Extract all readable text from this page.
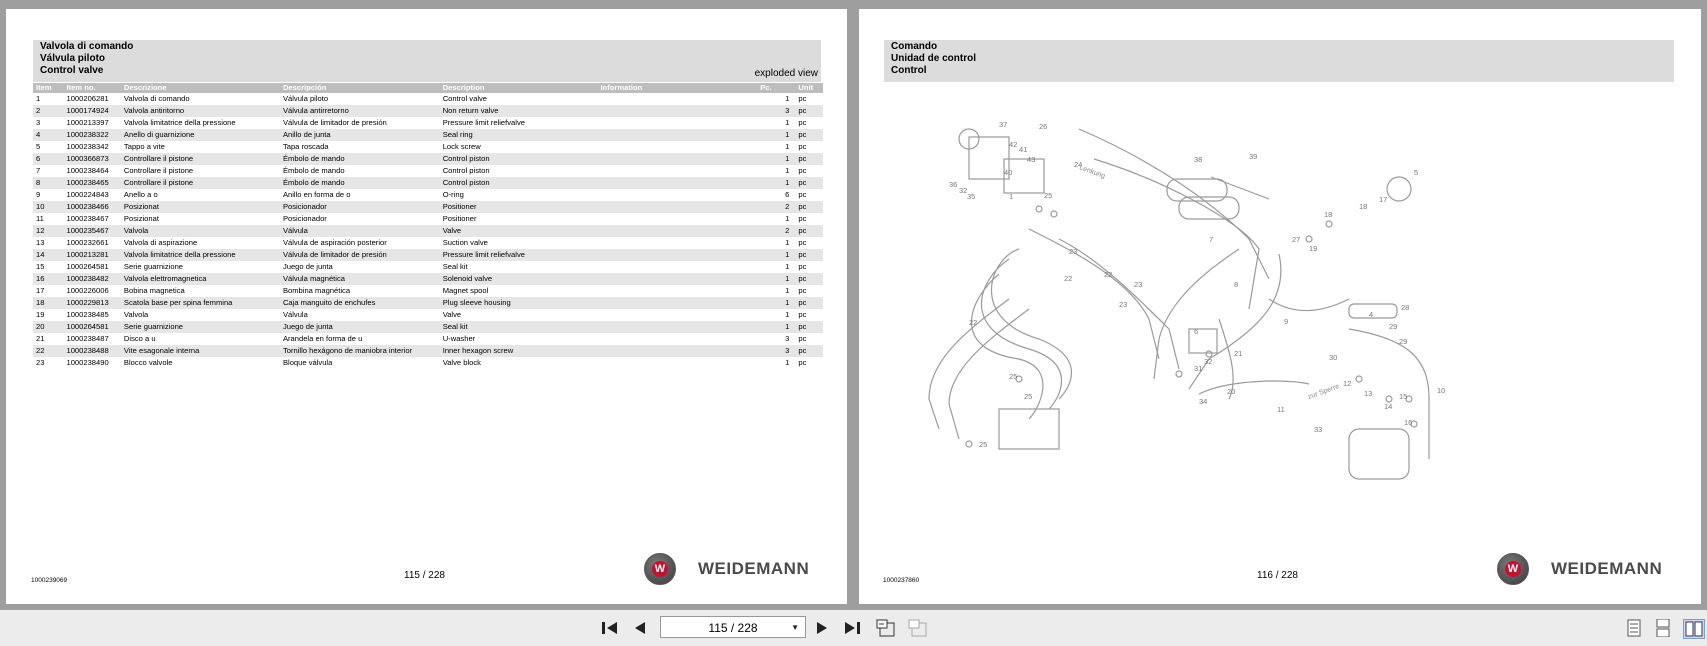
Valvola di comando
Válvula piloto
Control valve	exploded view
Item	Item no.	Descrizione	Descripción	Description	Information	Pc.	Unit
1	1000206281	Valvola di comando	Válvula piloto	Control valve		1	pc
2	1000174924	Valvola antiritorno	Válvula antirretorno	Non return valve		3	pc
3	1000213397	Valvola limitatrice della pressione	Válvula de limitador de presión	Pressure limit reliefvalve		1	pc
4	1000238322	Anello di guarnizione	Anillo de junta	Seal ring		1	pc
5	1000238342	Tappo a vite	Tapa roscada	Lock screw		1	pc
6	1000366873	Controllare il pistone	Émbolo de mando	Control piston		1	pc
7	1000238464	Controllare il pistone	Émbolo de mando	Control piston		1	pc
8	1000238465	Controllare il pistone	Émbolo de mando	Control piston		1	pc
9	1000224843	Anello a o	Anillo en forma de o	O-ring		6	pc
10	1000238466	Posizionat	Posicionador	Positioner		2	pc
11	1000238467	Posizionat	Posicionador	Positioner		1	pc
12	1000235467	Valvola	Válvula	Valve		2	pc
13	1000232661	Valvola di aspirazione	Válvula de aspiración posterior	Suction valve		1	pc
14	1000213281	Valvola limitatrice della pressione	Válvula de limitador de presión	Pressure limit reliefvalve		1	pc
15	1000264581	Serie guarnizione	Juego de junta	Seal kit		1	pc
16	1000238482	Valvola elettromagnetica	Válvula magnética	Solenoid valve		1	pc
17	1000226006	Bobina magnetica	Bombina magnética	Magnet spool		1	pc
18	1000229813	Scatola base per spina femmina	Caja manguito de enchufes	Plug sleeve housing		1	pc
19	1000238485	Valvola	Válvula	Valve		1	pc
20	1000264581	Serie guarnizione	Juego de junta	Seal kit		1	pc
21	1000238487	Disco a u	Arandela en forma de u	U-washer		3	pc
22	1000238488	Vite esagonale interna	Tornillo hexágono de maniobra interior	Inner hexagon screw		3	pc
23	1000238490	Blocco valvole	Bloque válvula	Valve block		1	pc
1000239069	115 / 228
W WEIDEMANN
Comando
Unidad de control
Control
37	26
42
41
40
43
36
32
35	1	25
24
38	39
5
17
18
18
27
19
7
22
23
23
22
8
22
23
9
4
29
29
28
30
6
32
31
21
20
34
25
12
13
14
15
16
11
33
10
25
25
Lenkung
zur Sperre
1000237860	116 / 228
W WEIDEMANN
115 / 228	▼
